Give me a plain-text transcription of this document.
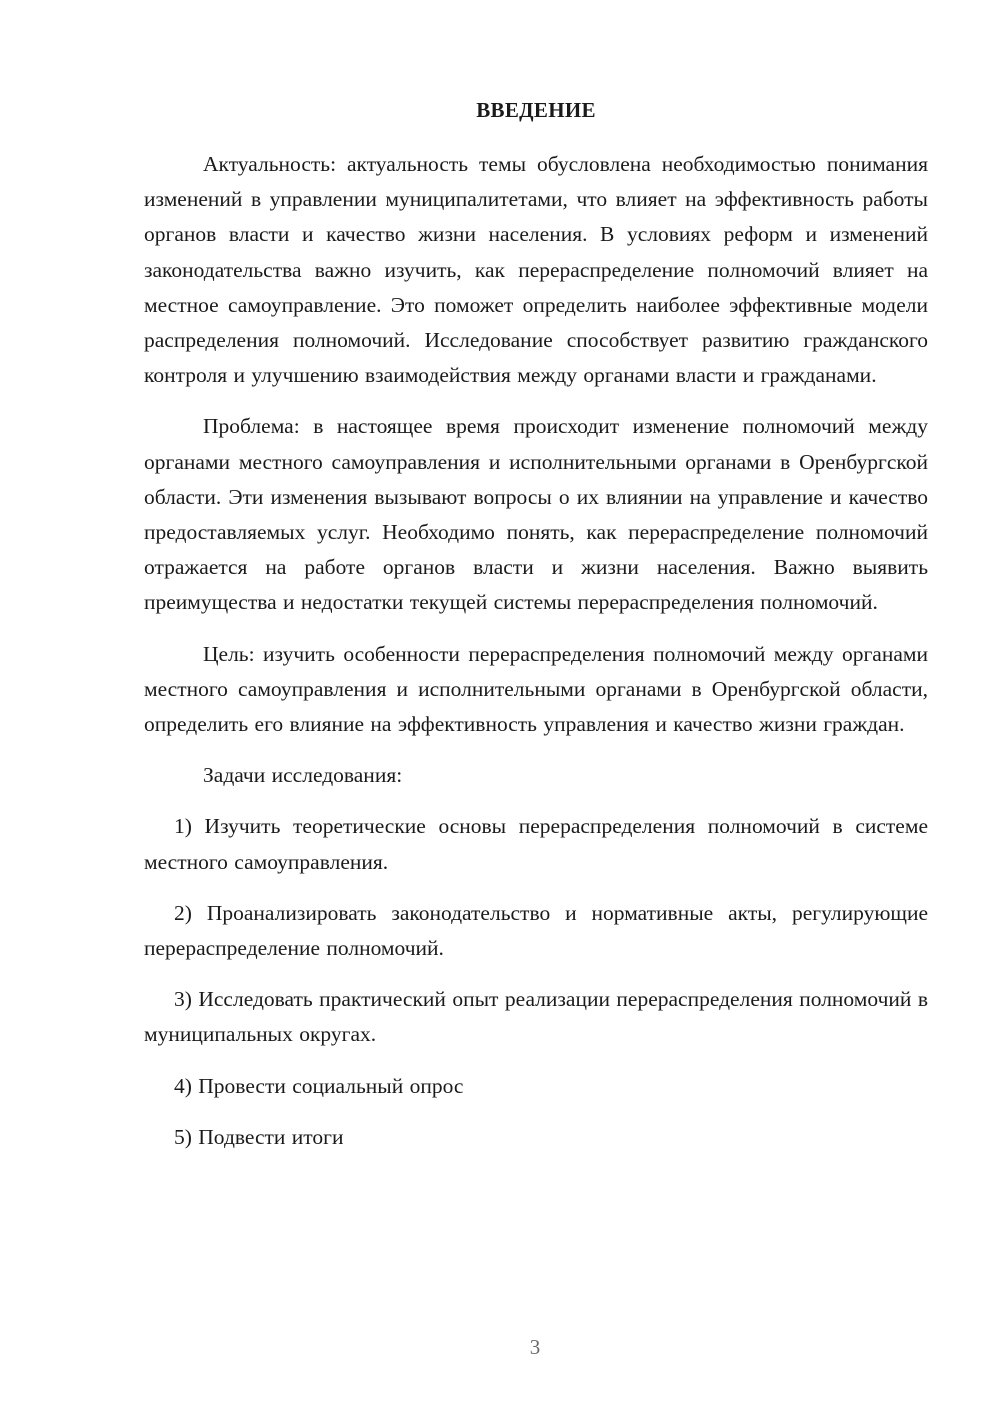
ВВЕДЕНИЕ

Актуальность: актуальность темы обусловлена необходимостью понимания изменений в управлении муниципалитетами, что влияет на эффективность работы органов власти и качество жизни населения. В условиях реформ и изменений законодательства важно изучить, как перераспределение полномочий влияет на местное самоуправление. Это поможет определить наиболее эффективные модели распределения полномочий. Исследование способствует развитию гражданского контроля и улучшению взаимодействия между органами власти и гражданами.

Проблема: в настоящее время происходит изменение полномочий между органами местного самоуправления и исполнительными органами в Оренбургской области. Эти изменения вызывают вопросы о их влиянии на управление и качество предоставляемых услуг. Необходимо понять, как перераспределение полномочий отражается на работе органов власти и жизни населения. Важно выявить преимущества и недостатки текущей системы перераспределения полномочий.

Цель: изучить особенности перераспределения полномочий между органами местного самоуправления и исполнительными органами в Оренбургской области, определить его влияние на эффективность управления и качество жизни граждан.

Задачи исследования:

1) Изучить теоретические основы перераспределения полномочий в системе местного самоуправления.

2) Проанализировать законодательство и нормативные акты, регулирующие перераспределение полномочий.

3) Исследовать практический опыт реализации перераспределения полномочий в муниципальных округах.

4) Провести социальный опрос

5) Подвести итоги

3
